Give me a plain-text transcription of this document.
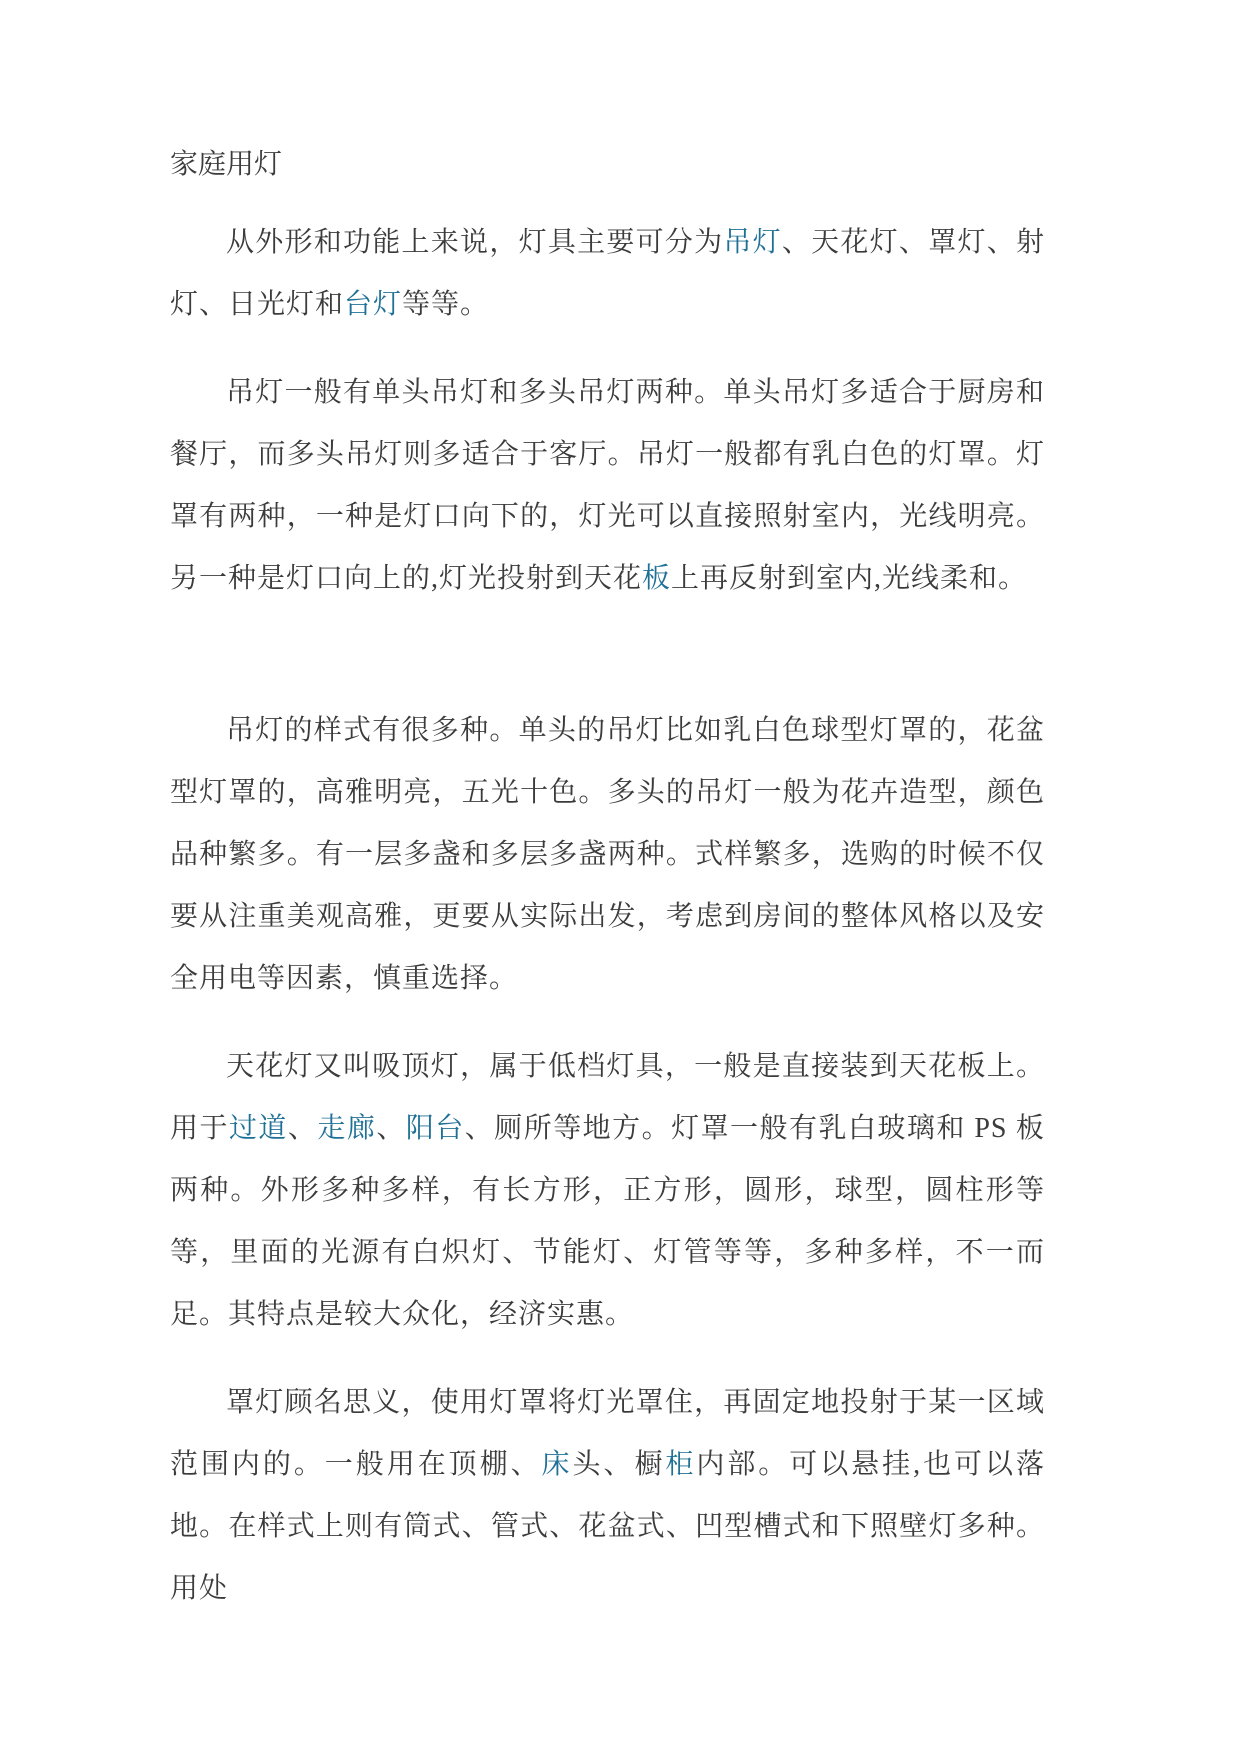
家庭用灯

从外形和功能上来说，灯具主要可分为吊灯、天花灯、罩灯、射灯、日光灯和台灯等等。

吊灯一般有单头吊灯和多头吊灯两种。单头吊灯多适合于厨房和餐厅，而多头吊灯则多适合于客厅。吊灯一般都有乳白色的灯罩。灯罩有两种，一种是灯口向下的，灯光可以直接照射室内，光线明亮。另一种是灯口向上的,灯光投射到天花板上再反射到室内,光线柔和。

吊灯的样式有很多种。单头的吊灯比如乳白色球型灯罩的，花盆型灯罩的，高雅明亮，五光十色。多头的吊灯一般为花卉造型，颜色品种繁多。有一层多盏和多层多盏两种。式样繁多，选购的时候不仅要从注重美观高雅，更要从实际出发，考虑到房间的整体风格以及安全用电等因素，慎重选择。

天花灯又叫吸顶灯，属于低档灯具，一般是直接装到天花板上。用于过道、走廊、阳台、厕所等地方。灯罩一般有乳白玻璃和 PS 板两种。外形多种多样，有长方形，正方形，圆形，球型，圆柱形等等，里面的光源有白炽灯、节能灯、灯管等等，多种多样，不一而足。其特点是较大众化，经济实惠。

罩灯顾名思义，使用灯罩将灯光罩住，再固定地投射于某一区域范围内的。一般用在顶棚、床头、橱柜内部。可以悬挂,也可以落地。在样式上则有筒式、管式、花盆式、凹型槽式和下照壁灯多种。用处
